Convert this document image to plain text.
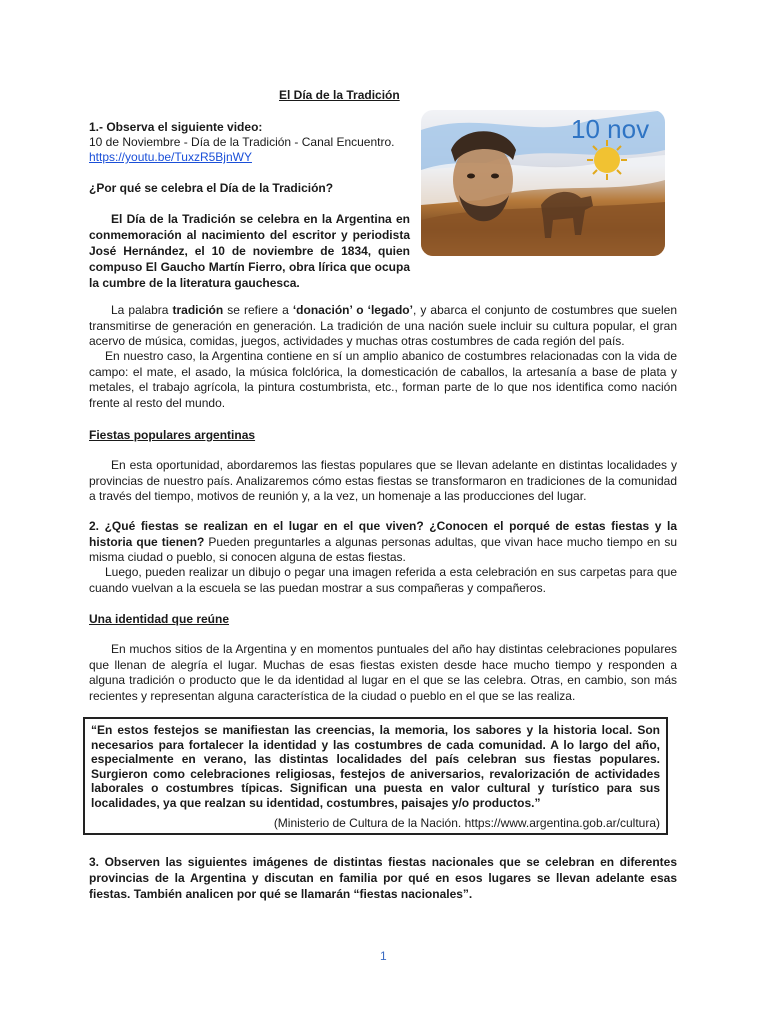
El Día de la Tradición
10 nov
1.- Observa el siguiente video:
10 de Noviembre - Día de la Tradición - Canal Encuentro.
https://youtu.be/TuxzR5BjnWY
¿Por qué se celebra el Día de la Tradición?
El Día de la Tradición se celebra en la Argentina en conmemoración al nacimiento del escritor y periodista José Hernández, el 10 de noviembre de 1834, quien compuso El Gaucho Martín Fierro, obra lírica que ocupa la cumbre de la literatura gauchesca.
La palabra tradición se refiere a ‘donación’ o ‘legado’, y abarca el conjunto de costumbres que suelen transmitirse de generación en generación. La tradición de una nación suele incluir su cultura popular, el gran acervo de música, comidas, juegos, actividades y muchas otras costumbres de cada región del país.
En nuestro caso, la Argentina contiene en sí un amplio abanico de costumbres relacionadas con la vida de campo: el mate, el asado, la música folclórica, la domesticación de caballos, la artesanía a base de plata y metales, el trabajo agrícola, la pintura costumbrista, etc., forman parte de lo que nos identifica como nación frente al resto del mundo.
Fiestas populares argentinas
En esta oportunidad, abordaremos las fiestas populares que se llevan adelante en distintas localidades y provincias de nuestro país. Analizaremos cómo estas fiestas se transformaron en tradiciones de la comunidad a través del tiempo, motivos de reunión y, a la vez, un homenaje a las producciones del lugar.
2. ¿Qué fiestas se realizan en el lugar en el que viven? ¿Conocen el porqué de estas fiestas y la historia que tienen? Pueden preguntarles a algunas personas adultas, que vivan hace mucho tiempo en su misma ciudad o pueblo, si conocen alguna de estas fiestas.
Luego, pueden realizar un dibujo o pegar una imagen referida a esta celebración en sus carpetas para que cuando vuelvan a la escuela se las puedan mostrar a sus compañeras y compañeros.
Una identidad que reúne
En muchos sitios de la Argentina y en momentos puntuales del año hay distintas celebraciones populares que llenan de alegría el lugar. Muchas de esas fiestas existen desde hace mucho tiempo y responden a alguna tradición o producto que le da identidad al lugar en el que se las celebra. Otras, en cambio, son más recientes y representan alguna característica de la ciudad o pueblo en el que se las realiza.
“En estos festejos se manifiestan las creencias, la memoria, los sabores y la historia local. Son necesarios para fortalecer la identidad y las costumbres de cada comunidad. A lo largo del año, especialmente en verano, las distintas localidades del país celebran sus fiestas populares. Surgieron como celebraciones religiosas, festejos de aniversarios, revalorización de actividades laborales o costumbres típicas. Significan una puesta en valor cultural y turístico para sus localidades, ya que realzan su identidad, costumbres, paisajes y/o productos.”
(Ministerio de Cultura de la Nación. https://www.argentina.gob.ar/cultura)
3. Observen las siguientes imágenes de distintas fiestas nacionales que se celebran en diferentes provincias de la Argentina y discutan en familia por qué en esos lugares se llevan adelante esas fiestas. También analicen por qué se llamarán “fiestas nacionales”.
1
